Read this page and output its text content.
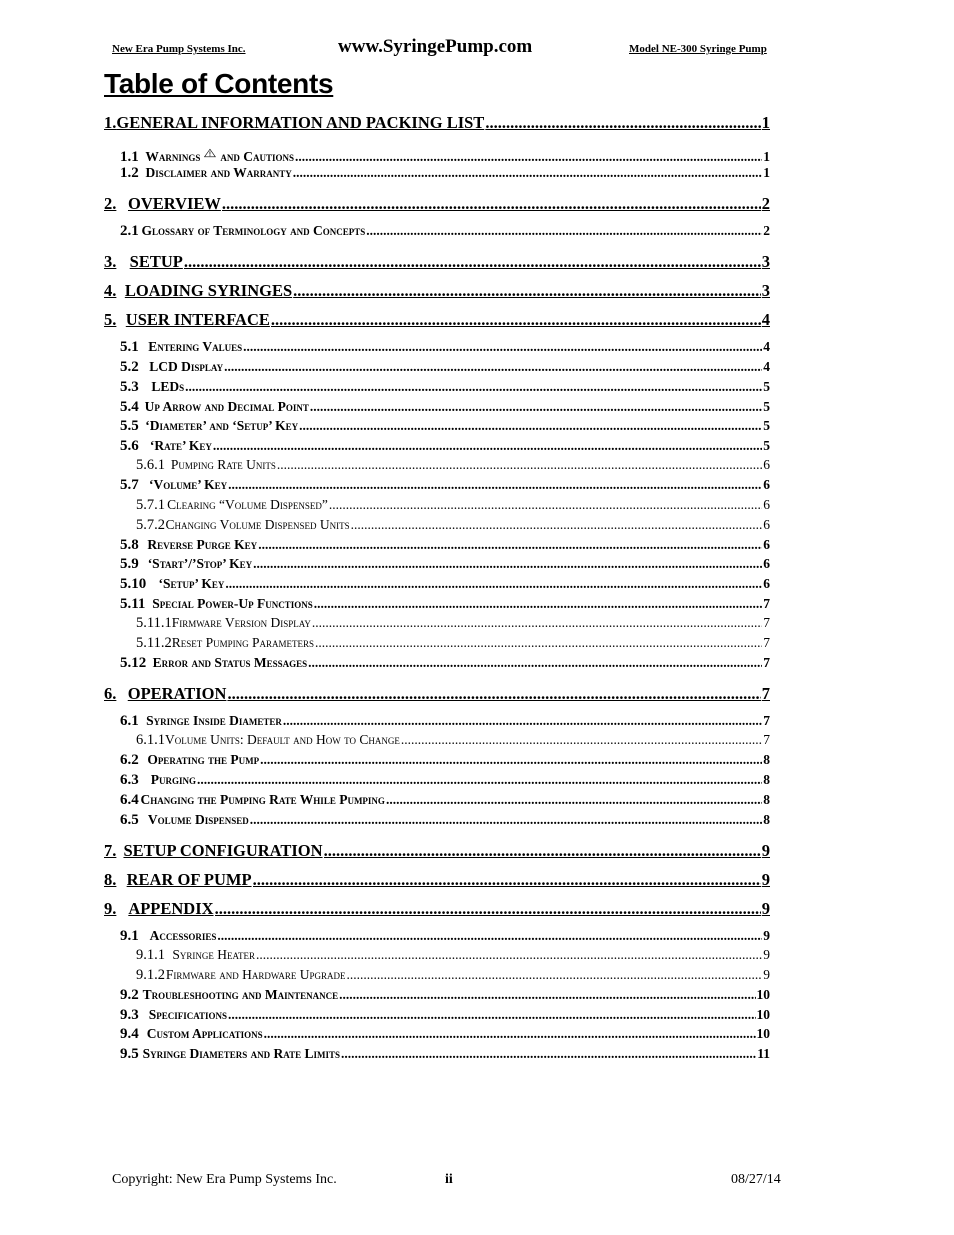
New Era Pump Systems Inc.	www.SyringePump.com	Model NE-300 Syringe Pump
Table of Contents
1. GENERAL INFORMATION AND PACKING LIST .....	1
1.1 Warnings and Cautions .....	1
1.2 Disclaimer and Warranty .....	1
2. OVERVIEW .....	2
2.1 Glossary of Terminology and Concepts .....	2
3. SETUP .....	3
4. LOADING SYRINGES .....	3
5. USER INTERFACE .....	4
5.1 Entering Values .....	4
5.2 LCD Display .....	4
5.3 LEDs .....	5
5.4 Up Arrow and Decimal Point .....	5
5.5 ‘Diameter’ and ‘Setup’ Key .....	5
5.6 ‘Rate’ Key .....	5
5.6.1 Pumping Rate Units .....	6
5.7 ‘Volume’ Key .....	6
5.7.1 Clearing “Volume Dispensed” .....	6
5.7.2 Changing Volume Dispensed Units .....	6
5.8 Reverse Purge Key .....	6
5.9 ‘Start’/’Stop’ Key .....	6
5.10 ‘Setup’ Key .....	6
5.11 Special Power-Up Functions .....	7
5.11.1 Firmware Version Display .....	7
5.11.2 Reset Pumping Parameters .....	7
5.12 Error and Status Messages .....	7
6. OPERATION .....	7
6.1 Syringe Inside Diameter .....	7
6.1.1 Volume Units: Default and How to Change .....	7
6.2 Operating the Pump .....	8
6.3 Purging .....	8
6.4 Changing the Pumping Rate While Pumping .....	8
6.5 Volume Dispensed .....	8
7. SETUP CONFIGURATION .....	9
8. REAR OF PUMP .....	9
9. APPENDIX .....	9
9.1 Accessories .....	9
9.1.1 Syringe Heater .....	9
9.1.2 Firmware and Hardware Upgrade .....	9
9.2 Troubleshooting and Maintenance .....	10
9.3 Specifications .....	10
9.4 Custom Applications .....	10
9.5 Syringe Diameters and Rate Limits .....	11
Copyright: New Era Pump Systems Inc.	ii	08/27/14
